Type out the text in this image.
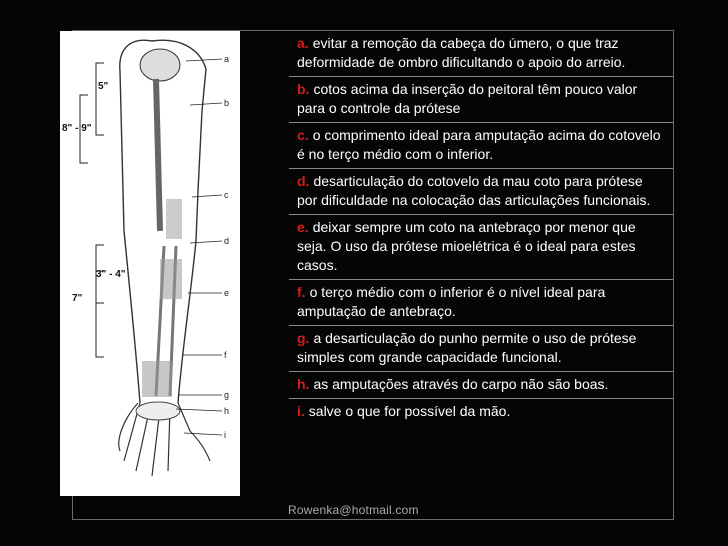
5"
8" - 9"
3" - 4"
7"
a
b
c
d
e
f
g
h
i
a. evitar a remoção da cabeça do úmero, o que traz deformidade de ombro dificultando o apoio do arreio.
b. cotos acima da inserção do peitoral têm pouco valor para o controle da prótese
c. o comprimento ideal para amputação acima do cotovelo é no terço médio com o inferior.
d. desarticulação do cotovelo da mau coto para prótese por dificuldade na colocação das articulações funcionais.
e. deixar sempre um coto na antebraço por menor que seja. O uso da prótese mioelétrica é o ideal para estes casos.
f. o terço médio com o inferior é o nível ideal para amputação de antebraço.
g. a desarticulação do punho permite o uso de prótese simples com grande capacidade funcional.
h. as amputações através do carpo não são boas.
i. salve o que for possível da mão.
Rowenka@hotmail.com
